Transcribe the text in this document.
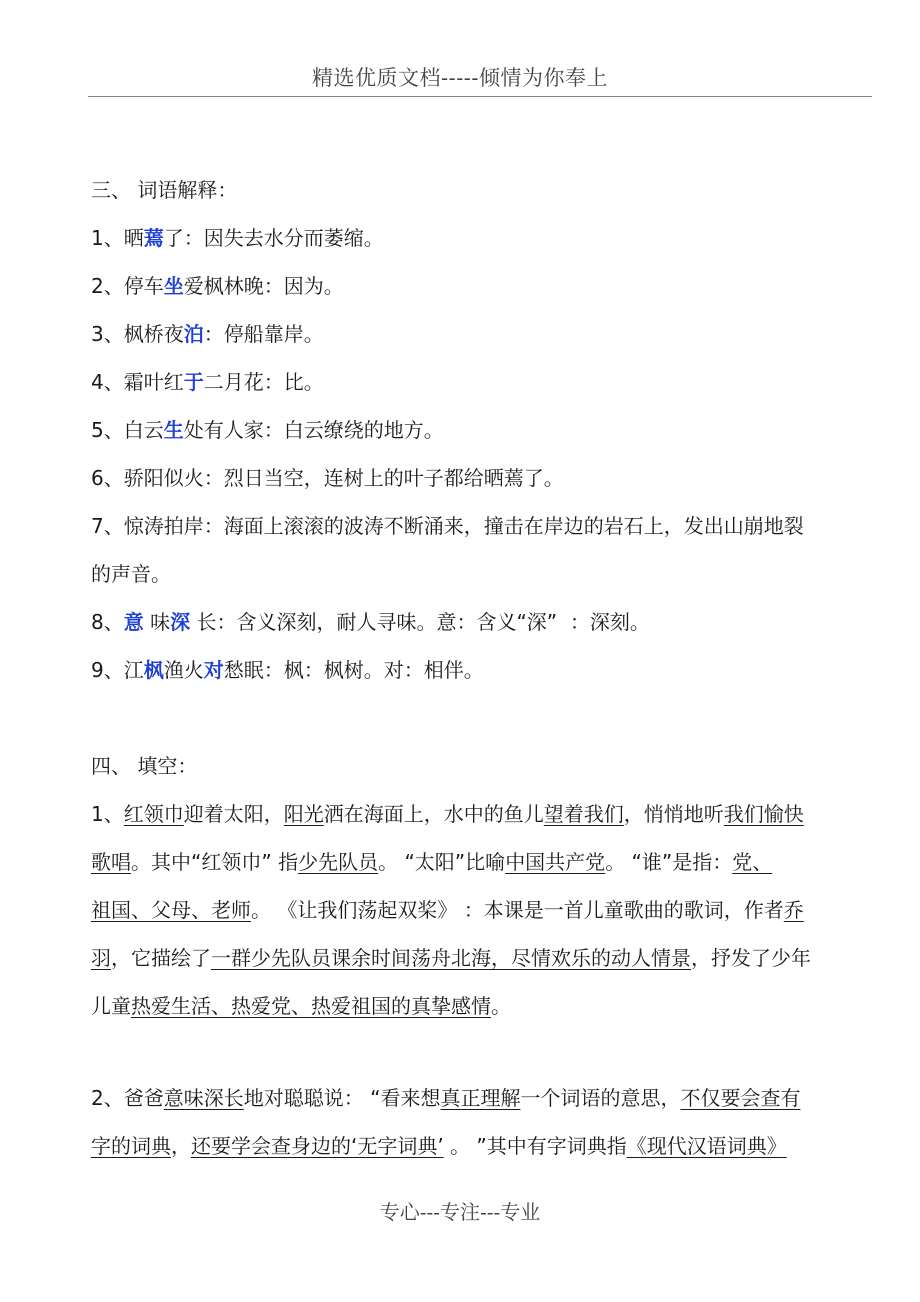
精选优质文档-----倾情为你奉上
三、 词语解释：
1、晒蔫了：因失去水分而萎缩。
2、停车坐爱枫林晚：因为。
3、枫桥夜泊：停船靠岸。
4、霜叶红于二月花：比。
5、白云生处有人家：白云缭绕的地方。
6、骄阳似火：烈日当空，连树上的叶子都给晒蔫了。
7、惊涛拍岸：海面上滚滚的波涛不断涌来，撞击在岸边的岩石上，发出山崩地裂
的声音。
8、意 味深 长：含义深刻，耐人寻味。意：含义“深”  ：深刻。
9、江枫渔火对愁眠：枫：枫树。对：相伴。
四、 填空：
1、红领巾迎着太阳，阳光洒在海面上，水中的鱼儿望着我们，悄悄地听我们愉快
歌唱。其中“红领巾” 指少先队员。 “太阳”比喻中国共产党。 “谁”是指：党、
祖国、父母、老师。 《让我们荡起双桨》 ：本课是一首儿童歌曲的歌词，作者乔
羽，它描绘了一群少先队员课余时间荡舟北海，尽情欢乐的动人情景，抒发了少年
儿童热爱生活、热爱党、热爱祖国的真挚感情。
2、爸爸意味深长地对聪聪说： “看来想真正理解一个词语的意思，不仅要会查有
字的词典，还要学会查身边的‘无字词典’ 。 ”其中有字词典指《现代汉语词典》
专心---专注---专业
